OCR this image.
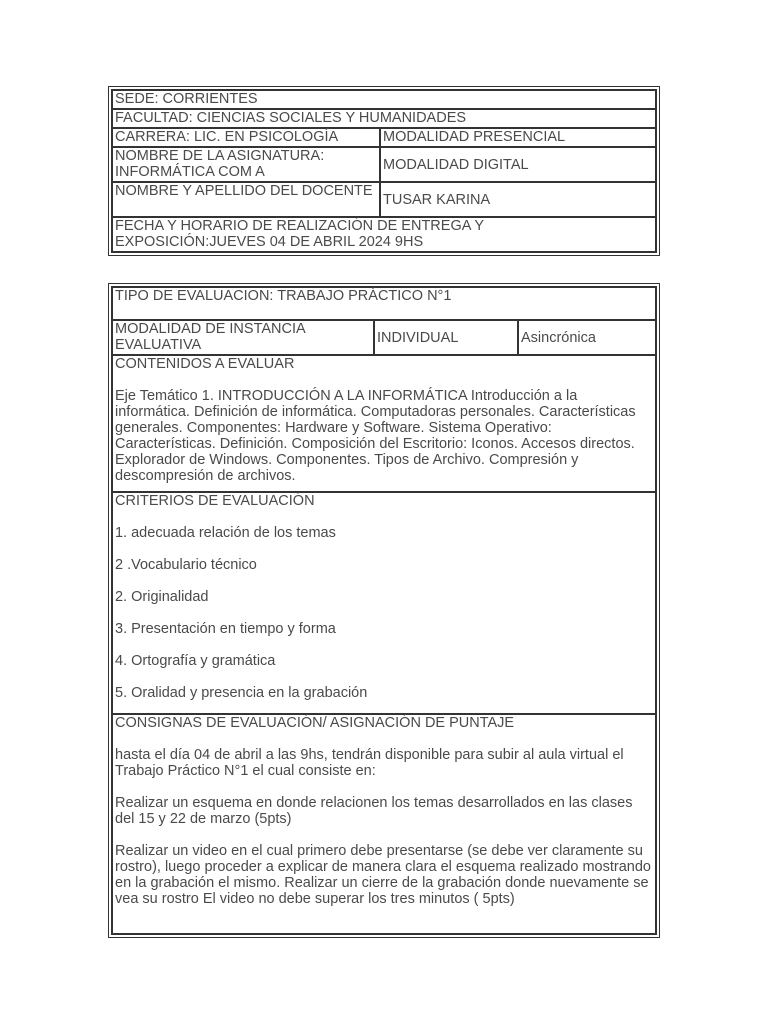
SEDE: CORRIENTES	
FACULTAD: CIENCIAS SOCIALES Y HUMANIDADES	
CARRERA: LIC. EN PSICOLOGÍA	MODALIDAD PRESENCIAL

NOMBRE DE LA ASIGNATURA:
INFORMÁTICA COM A	MODALIDAD DIGITAL
NOMBRE Y APELLIDO DEL DOCENTE	TUSAR KARINA

FECHA Y HORARIO DE REALIZACIÓN DE ENTREGA Y
EXPOSICIÓN:JUEVES 04 DE ABRIL 2024 9HS	
TIPO DE EVALUACION: TRABAJO PRÁCTICO N°1
MODALIDAD DE INSTANCIA EVALUATIVA	INDIVIDUAL	Asincrónica

CONTENIDOS A EVALUAR

Eje Temático 1. INTRODUCCIÓN A LA INFORMÁTICA Introducción a la informática. Definición de informática. Computadoras personales. Características generales. Componentes: Hardware y Software. Sistema Operativo: Características. Definición. Composición del Escritorio: Iconos. Accesos directos. Explorador de Windows. Componentes. Tipos de Archivo. Compresión y descompresión de archivos.

CRITERIOS DE EVALUACIÓN

1. adecuada relación de los temas

2 .Vocabulario técnico

2. Originalidad

3. Presentación en tiempo y forma

4. Ortografía y gramática

5. Oralidad y presencia en la grabación

CONSIGNAS DE EVALUACIÓN/ ASIGNACIÓN DE PUNTAJE

hasta el día 04 de abril a las 9hs, tendrán disponible para subir al aula virtual el Trabajo Práctico N°1 el cual consiste en:

Realizar un esquema en donde relacionen los temas desarrollados en las clases del 15 y 22 de marzo (5pts)

Realizar un video en el cual primero debe presentarse (se debe ver claramente su rostro), luego proceder a explicar de manera clara el esquema realizado mostrando en la grabación el mismo. Realizar un cierre de la grabación donde nuevamente se vea su rostro El video no debe superar los tres minutos ( 5pts)
